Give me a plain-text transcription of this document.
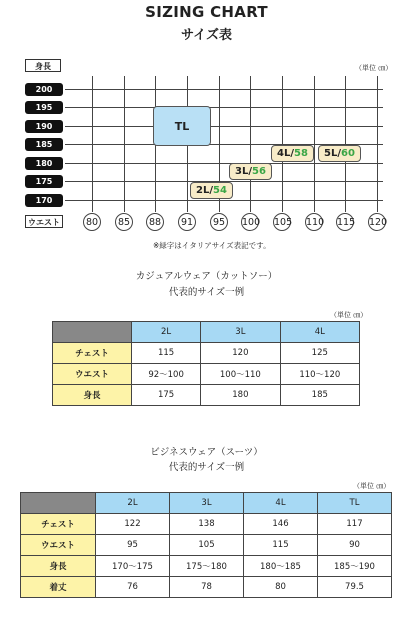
SIZING CHART
サイズ表
（単位 ㎝）
身長
200
195
190
185
180
175
170
80	85	88	91	95	100 105 110 115 120
ウエスト
TL
4L/ 58 5L/ 60
3L/ 56
2L/ 54
※緑字はイタリアサイズ表記です。
カジュアルウェア（カットソー）
代表的サイズ一例
（単位 ㎝）
	2L	3L	4L
チェスト	115	120	125
ウエスト	92〜100	100〜110	110〜120
身長	175	180	185
ビジネスウェア（スーツ）
代表的サイズ一例
（単位 ㎝）
	2L	3L	4L	TL
チェスト	122	138	146	117
ウエスト	95	105	115	90
身長	170〜175	175〜180	180〜185	185〜190
着丈	76	78	80	79.5
